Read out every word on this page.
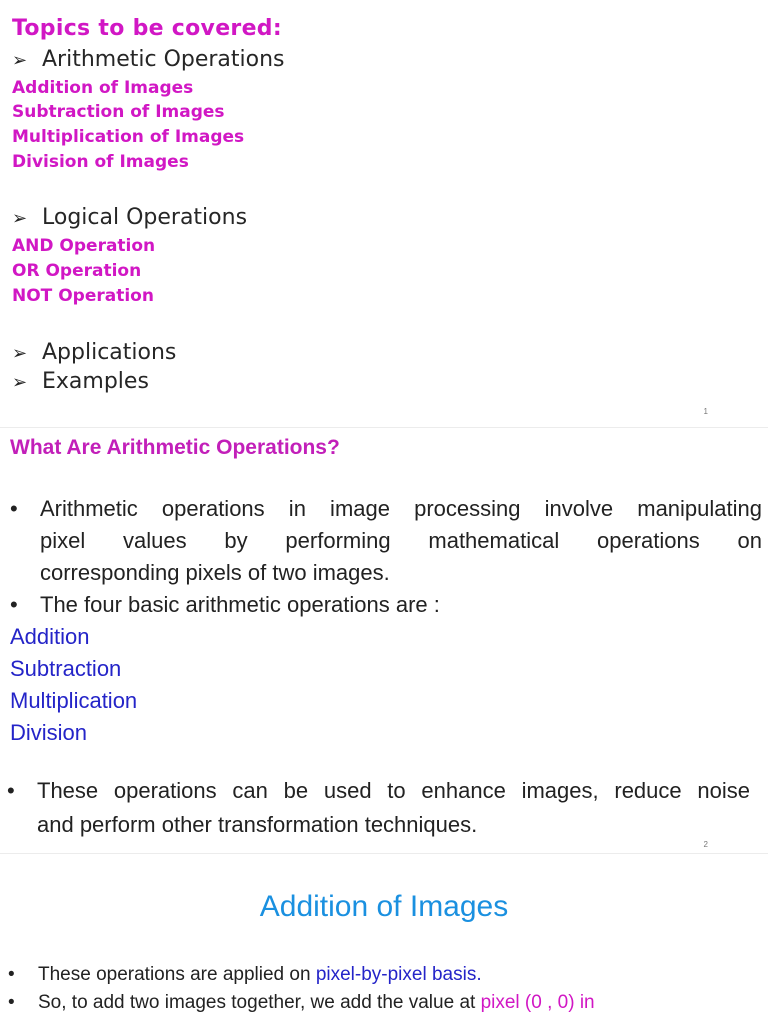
Topics to be covered:
➢ Arithmetic Operations
Addition of Images
Subtraction of Images
Multiplication of Images
Division of Images
➢ Logical Operations
AND Operation
OR Operation
NOT Operation
➢ Applications
➢ Examples
1
What Are Arithmetic Operations?
• Arithmetic operations in image processing involve manipulating
pixel values by performing mathematical operations on
corresponding pixels of two images.
• The four basic arithmetic operations are :
Addition
Subtraction
Multiplication
Division
• These operations can be used to enhance images, reduce noise
and perform other transformation techniques.
2
Addition of Images
• These operations are applied on pixel-by-pixel basis.
• So, to add two images together, we add the value at pixel (0 , 0) in
